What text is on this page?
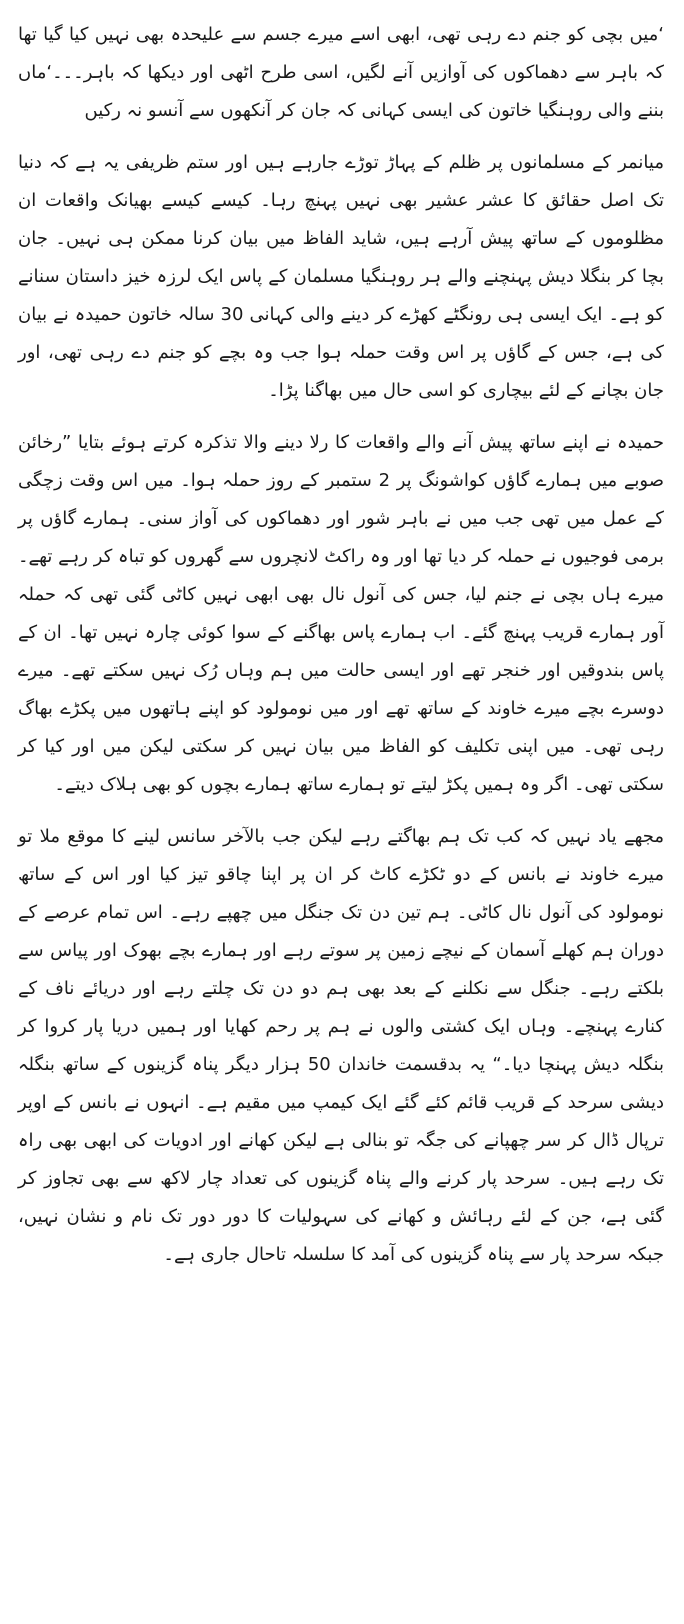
‘میں بچی کو جنم دے رہی تھی، ابھی اسے میرے جسم سے علیحدہ بھی نہیں کیا گیا تھا کہ باہر سے دھماکوں کی آوازیں آنے لگیں، اسی طرح اٹھی اور دیکھا کہ باہر۔۔۔‘ماں بننے والی روہنگیا خاتون کی ایسی کہانی کہ جان کر آنکھوں سے آنسو نہ رکیں

میانمر کے مسلمانوں پر ظلم کے پہاڑ توڑے جارہے ہیں اور ستم ظریفی یہ ہے کہ دنیا تک اصل حقائق کا عشر عشیر بھی نہیں پہنچ رہا۔ کیسے کیسے بھیانک واقعات ان مظلوموں کے ساتھ پیش آرہے ہیں، شاید الفاظ میں بیان کرنا ممکن ہی نہیں۔ جان بچا کر بنگلا دیش پہنچنے والے ہر روہنگیا مسلمان کے پاس ایک لرزہ خیز داستان سنانے کو ہے۔ ایک ایسی ہی رونگٹے کھڑے کر دینے والی کہانی 30 سالہ خاتون حمیدہ نے بیان کی ہے، جس کے گاﺅں پر اس وقت حملہ ہوا جب وہ بچے کو جنم دے رہی تھی، اور جان بچانے کے لئے بیچاری کو اسی حال میں بھاگنا پڑا۔

حمیدہ نے اپنے ساتھ پیش آنے والے واقعات کا رلا دینے والا تذکرہ کرتے ہوئے بتایا ”رخائن صوبے میں ہمارے گاﺅں کواشونگ پر 2 ستمبر کے روز حملہ ہوا۔ میں اس وقت زچگی کے عمل میں تھی جب میں نے باہر شور اور دھماکوں کی آواز سنی۔ ہمارے گاﺅں پر برمی فوجیوں نے حملہ کر دیا تھا اور وہ راکٹ لانچروں سے گھروں کو تباہ کر رہے تھے۔ میرے ہاں بچی نے جنم لیا، جس کی آنول نال بھی ابھی نہیں کاٹی گئی تھی کہ حملہ آور ہمارے قریب پہنچ گئے۔ اب ہمارے پاس بھاگنے کے سوا کوئی چارہ نہیں تھا۔ ان کے پاس بندوقیں اور خنجر تھے اور ایسی حالت میں ہم وہاں رُک نہیں سکتے تھے۔ میرے دوسرے بچے میرے خاوند کے ساتھ تھے اور میں نومولود کو اپنے ہاتھوں میں پکڑے بھاگ رہی تھی۔ میں اپنی تکلیف کو الفاظ میں بیان نہیں کر سکتی لیکن میں اور کیا کر سکتی تھی۔ اگر وہ ہمیں پکڑ لیتے تو ہمارے ساتھ ہمارے بچوں کو بھی ہلاک دیتے۔

مجھے یاد نہیں کہ کب تک ہم بھاگتے رہے لیکن جب بالآخر سانس لینے کا موقع ملا تو میرے خاوند نے بانس کے دو ٹکڑے کاٹ کر ان پر اپنا چاقو تیز کیا اور اس کے ساتھ نومولود کی آنول نال کاٹی۔ ہم تین دن تک جنگل میں چھپے رہے۔ اس تمام عرصے کے دوران ہم کھلے آسمان کے نیچے زمین پر سوتے رہے اور ہمارے بچے بھوک اور پیاس سے بلکتے رہے۔ جنگل سے نکلنے کے بعد بھی ہم دو دن تک چلتے رہے اور دریائے ناف کے کنارے پہنچے۔ وہاں ایک کشتی والوں نے ہم پر رحم کھایا اور ہمیں دریا پار کروا کر بنگلہ دیش پہنچا دیا۔“ یہ بدقسمت خاندان 50 ہزار دیگر پناہ گزینوں کے ساتھ بنگلہ دیشی سرحد کے قریب قائم کئے گئے ایک کیمپ میں مقیم ہے۔ انہوں نے بانس کے اوپر ترپال ڈال کر سر چھپانے کی جگہ تو بنالی ہے لیکن کھانے اور ادویات کی ابھی بھی راہ تک رہے ہیں۔ سرحد پار کرنے والے پناہ گزینوں کی تعداد چار لاکھ سے بھی تجاوز کر گئی ہے، جن کے لئے رہائش و کھانے کی سہولیات کا دور دور تک نام و نشان نہیں، جبکہ سرحد پار سے پناہ گزینوں کی آمد کا سلسلہ تاحال جاری ہے۔
